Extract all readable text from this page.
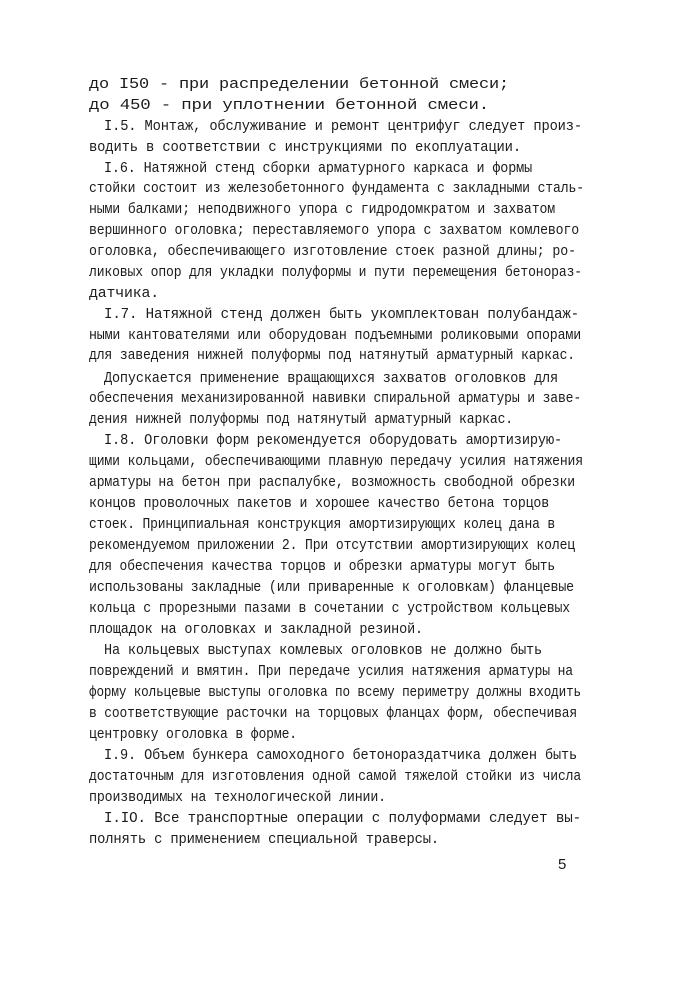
до I50 - при распределении бетонной смеси;
до 450 - при уплотнении бетонной смеси.
I.5. Монтаж, обслуживание и ремонт центрифуг следует произ-
водить в соответствии с инструкциями по екоплуатации.
I.6. Натяжной стенд сборки арматурного каркаса и формы
стойки состоит из железобетонного фундамента с закладными сталь-
ными балками; неподвижного упора с гидродомкратом и захватом
вершинного оголовка; переставляемого упора с захватом комлевого
оголовка, обеспечивающего изготовление стоек разной длины; ро-
ликовых опор для укладки полуформы и пути перемещения бетонораз-
датчика.
I.7. Натяжной стенд должен быть укомплектован полубандаж-
ными кантователями или оборудован подъемными роликовыми опорами
для заведения нижней полуформы под натянутый арматурный каркас.
Допускается применение вращающихся захватов оголовков для
обеспечения механизированной навивки спиральной арматуры и заве-
дения нижней полуформы под натянутый арматурный каркас.
I.8. Оголовки форм рекомендуется оборудовать амортизирую-
щими кольцами, обеспечивающими плавную передачу усилия натяжения
арматуры на бетон при распалубке, возможность свободной обрезки
концов проволочных пакетов и хорошее качество бетона торцов
стоек. Принципиальная конструкция амортизирующих колец дана в
рекомендуемом приложении 2. При отсутствии амортизирующих колец
для обеспечения качества торцов и обрезки арматуры могут быть
использованы закладные (или приваренные к оголовкам) фланцевые
кольца с прорезными пазами в сочетании с устройством кольцевых
площадок на оголовках и закладной резиной.
На кольцевых выступах комлевых оголовков не должно быть
повреждений и вмятин. При передаче усилия натяжения арматуры на
форму кольцевые выступы оголовка по всему периметру должны входить
в соответствующие расточки на торцовых фланцах форм, обеспечивая
центровку оголовка в форме.
I.9. Объем бункера самоходного бетонораздатчика должен быть
достаточным для изготовления одной самой тяжелой стойки из числа
производимых на технологической линии.
I.IO. Все транспортные операции с полуформами следует вы-
полнять с применением специальной траверсы.
5
